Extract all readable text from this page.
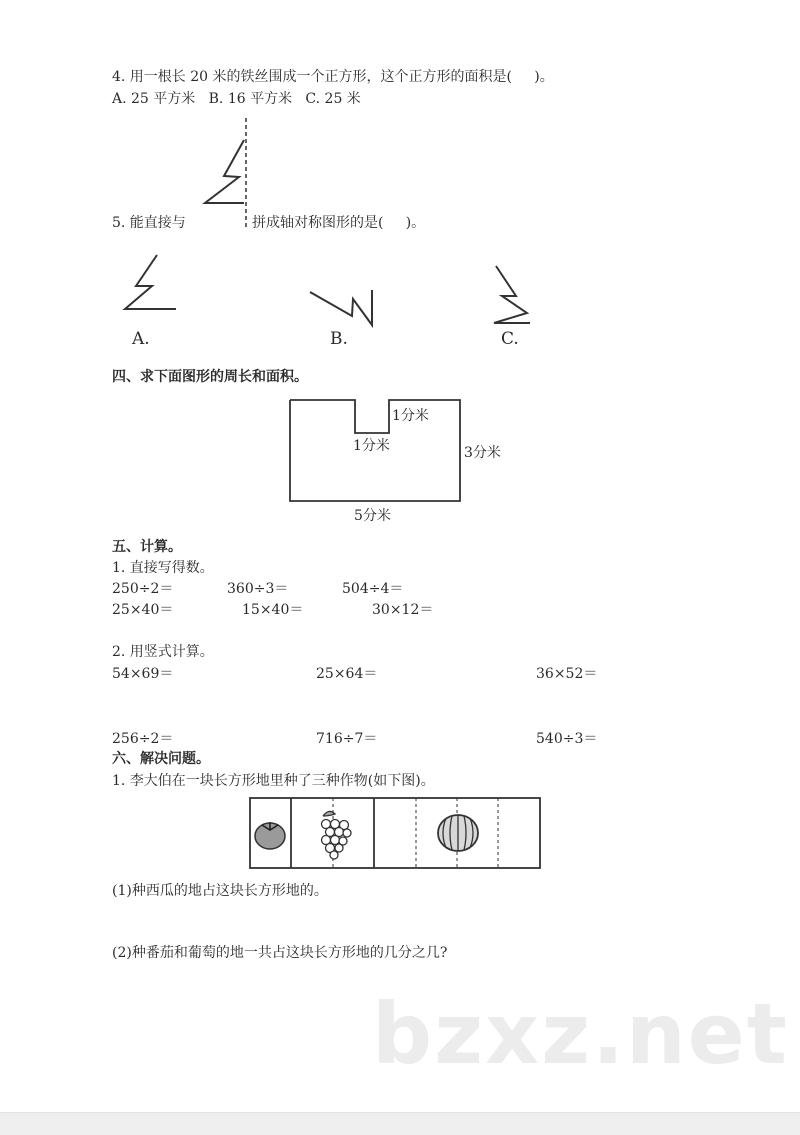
4. 用一根长 20 米的铁丝围成一个正方形，这个正方形的面积是(     )。
A. 25 平方米   B. 16 平方米   C. 25 米
5. 能直接与	拼成轴对称图形的是(     )。
A.	B.	C.
四、求下面图形的周长和面积。
1分米
1分米	3分米
5分米
五、计算。
1. 直接写得数。
250÷2＝	360÷3＝	504÷4＝
25×40＝	15×40＝	30×12＝
2. 用竖式计算。
54×69＝	25×64＝	36×52＝
256÷2＝	716÷7＝	540÷3＝
六、解决问题。
1. 李大伯在一块长方形地里种了三种作物(如下图)。
(1)种西瓜的地占这块长方形地的。
(2)种番茄和葡萄的地一共占这块长方形地的几分之几?
bzxz.net
